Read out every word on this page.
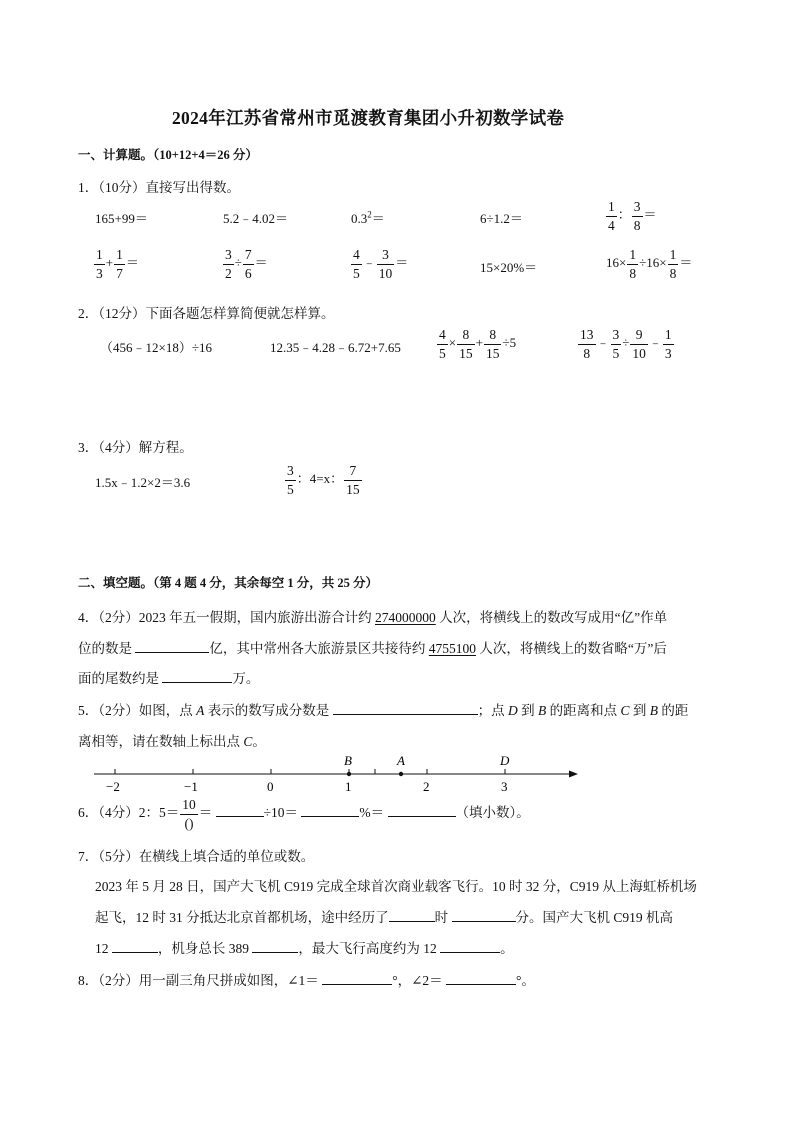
2024年江苏省常州市觅渡教育集团小升初数学试卷
一、计算题。（10+12+4＝26 分）
1．（10分）直接写出得数。
165+99＝	5.2﹣4.02＝	$0.3^2=$	6÷1.2＝	$\frac{1}{4}$ ： $\frac{3}{8}$ ＝
$\frac{1}{3} + \frac{1}{7}$ ＝	$\frac{3}{2} \div \frac{7}{6}$ ＝	$\frac{4}{5}$ ﹣ $\frac{3}{10}$ ＝	15×20%＝	$16\times \frac{1}{8} \div 16\times \frac{1}{8}$ ＝
2．（12分）下面各题怎样算简便就怎样算。
（456﹣12×18）÷16	12.35﹣4.28﹣6.72+7.65	$\frac{4}{5} \times \frac{8}{15} + \frac{8}{15} \div 5$	$\frac{13}{8}$ ﹣ $\frac{3}{5} \div \frac{9}{10}$ ﹣ $\frac{1}{3}$
3．（4分）解方程。
1.5x﹣1.2×2＝3.6	$\frac{3}{5}$ ：4=x： $\frac{7}{15}$
二、填空题。（第 4 题 4 分，其余每空 1 分，共 25 分）
4．（2分）2023 年五一假期，国内旅游出游合计约 274000000 人次，将横线上的数改写成用“亿”作单
位的数是	亿，其中常州各大旅游景区共接待约 4755100 人次，将横线上的数省略“万”后
面的尾数约是	万。
5．（2分）如图，点 A 表示的数写成分数是	；点 D 到 B 的距离和点 C 到 B 的距
离相等，请在数轴上标出点 C。
B	A	D
−2	−1	0	1	2	3
6．（4分）2：$5= \frac{10}{()}$ ＝	÷10＝	%＝	（填小数）。
7．（5分）在横线上填合适的单位或数。
2023 年 5 月 28 日，国产大飞机 C919 完成全球首次商业载客飞行。10 时 32 分，C919 从上海虹桥机场
起飞，12 时 31 分抵达北京首都机场，途中经历了	时	分。国产大飞机 C919 机高
12	，机身总长 389	，最大飞行高度约为 12	。
8．（2分）用一副三角尺拼成如图，∠1＝	°，∠2＝	°。
